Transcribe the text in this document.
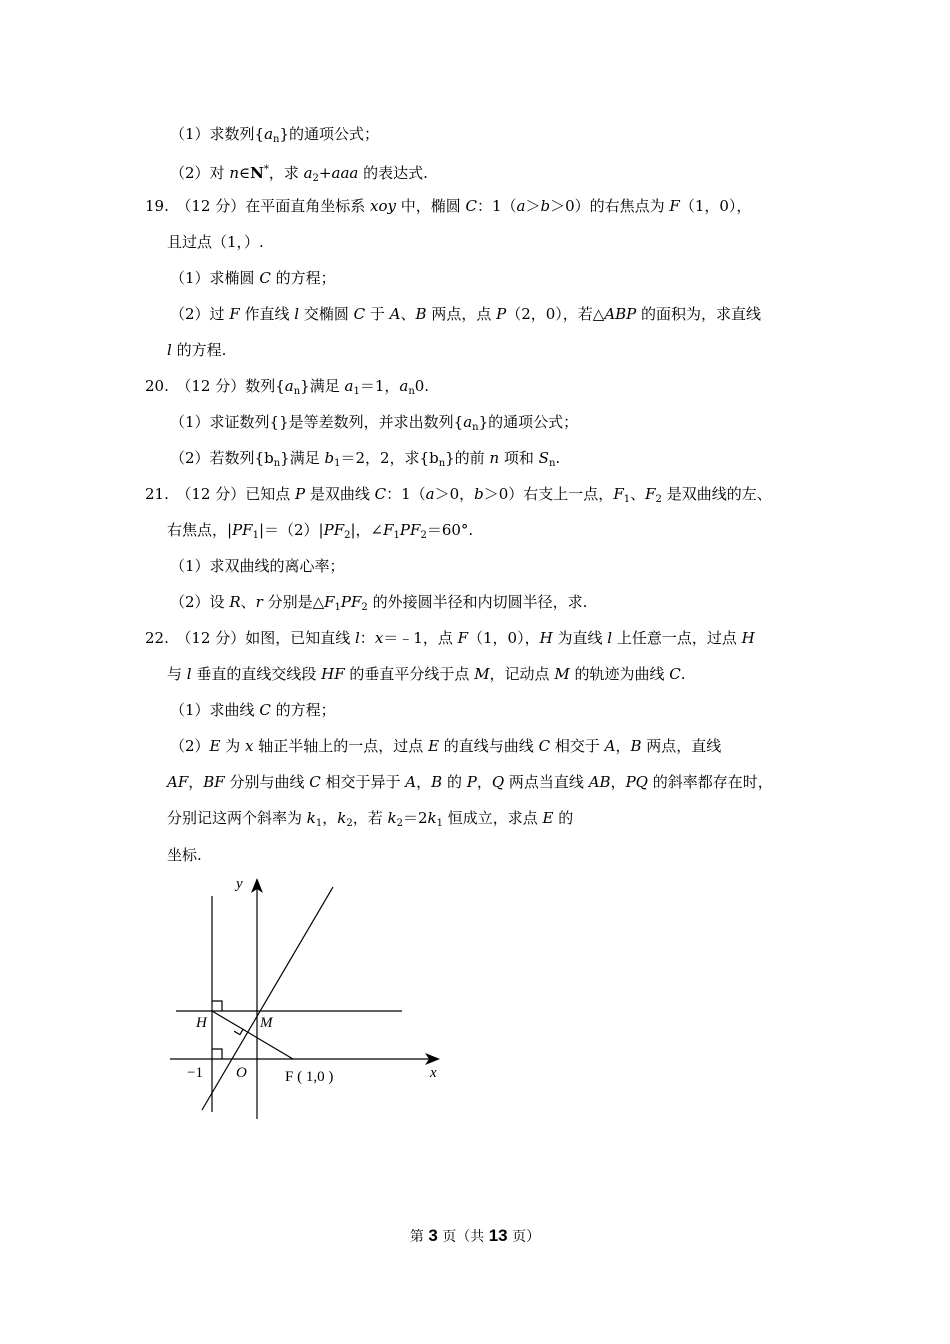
（1）求数列$\{a_n\}$的通项公式；
（2）对 n∈N*，求 $a_2+aaa$ 的表达式.
19.　（12 分）在平面直角坐标系 xoy 中，椭圆 C：1（a＞b＞0）的右焦点为 F（1，0），
且过点（1，）.
（1）求椭圆 C 的方程；
（2）过 F 作直线 l 交椭圆 C 于 A、B 两点，点 P（2，0），若△ABP 的面积为，求直线
l 的方程.
20.　（12 分）数列$\{a_n\}$满足 $a_1=1$，$a_n0$.
（1）求证数列{}是等差数列，并求出数列$\{a_n\}$的通项公式；
（2）若数列$\{b_n\}$满足 $b_1=2$，2，求$\{b_n\}$的前 n 项和 $S_n$.
21.　（12 分）已知点 P 是双曲线 C：1（a＞0，b＞0）右支上一点，$F_1$、$F_2$ 是双曲线的左、
右焦点，$|PF_1|=(2)|PF_2|$，$\angle F_1PF_2=60^\circ$.
（1）求双曲线的离心率；
（2）设 R、r 分别是$\triangle F_1PF_2$ 的外接圆半径和内切圆半径，求.
22.　（12 分）如图，已知直线 l：x＝﹣1，点 F（1，0），H 为直线 l 上任意一点，过点 H
与 l 垂直的直线交线段 HF 的垂直平分线于点 M，记动点 M 的轨迹为曲线 C.
（1）求曲线 C 的方程；
（2）E 为 x 轴正半轴上的一点，过点 E 的直线与曲线 C 相交于 A，B 两点，直线
AF，BF 分别与曲线 C 相交于异于 A，B 的 P，Q 两点当直线 AB，PQ 的斜率都存在时，
分别记这两个斜率为 $k_1$，$k_2$，若 $k_2=2k_1$ 恒成立，求点 E 的
坐标.
y
x
H	M
−1 O	F ( 1,0 )
第 3 页（共 13 页）
